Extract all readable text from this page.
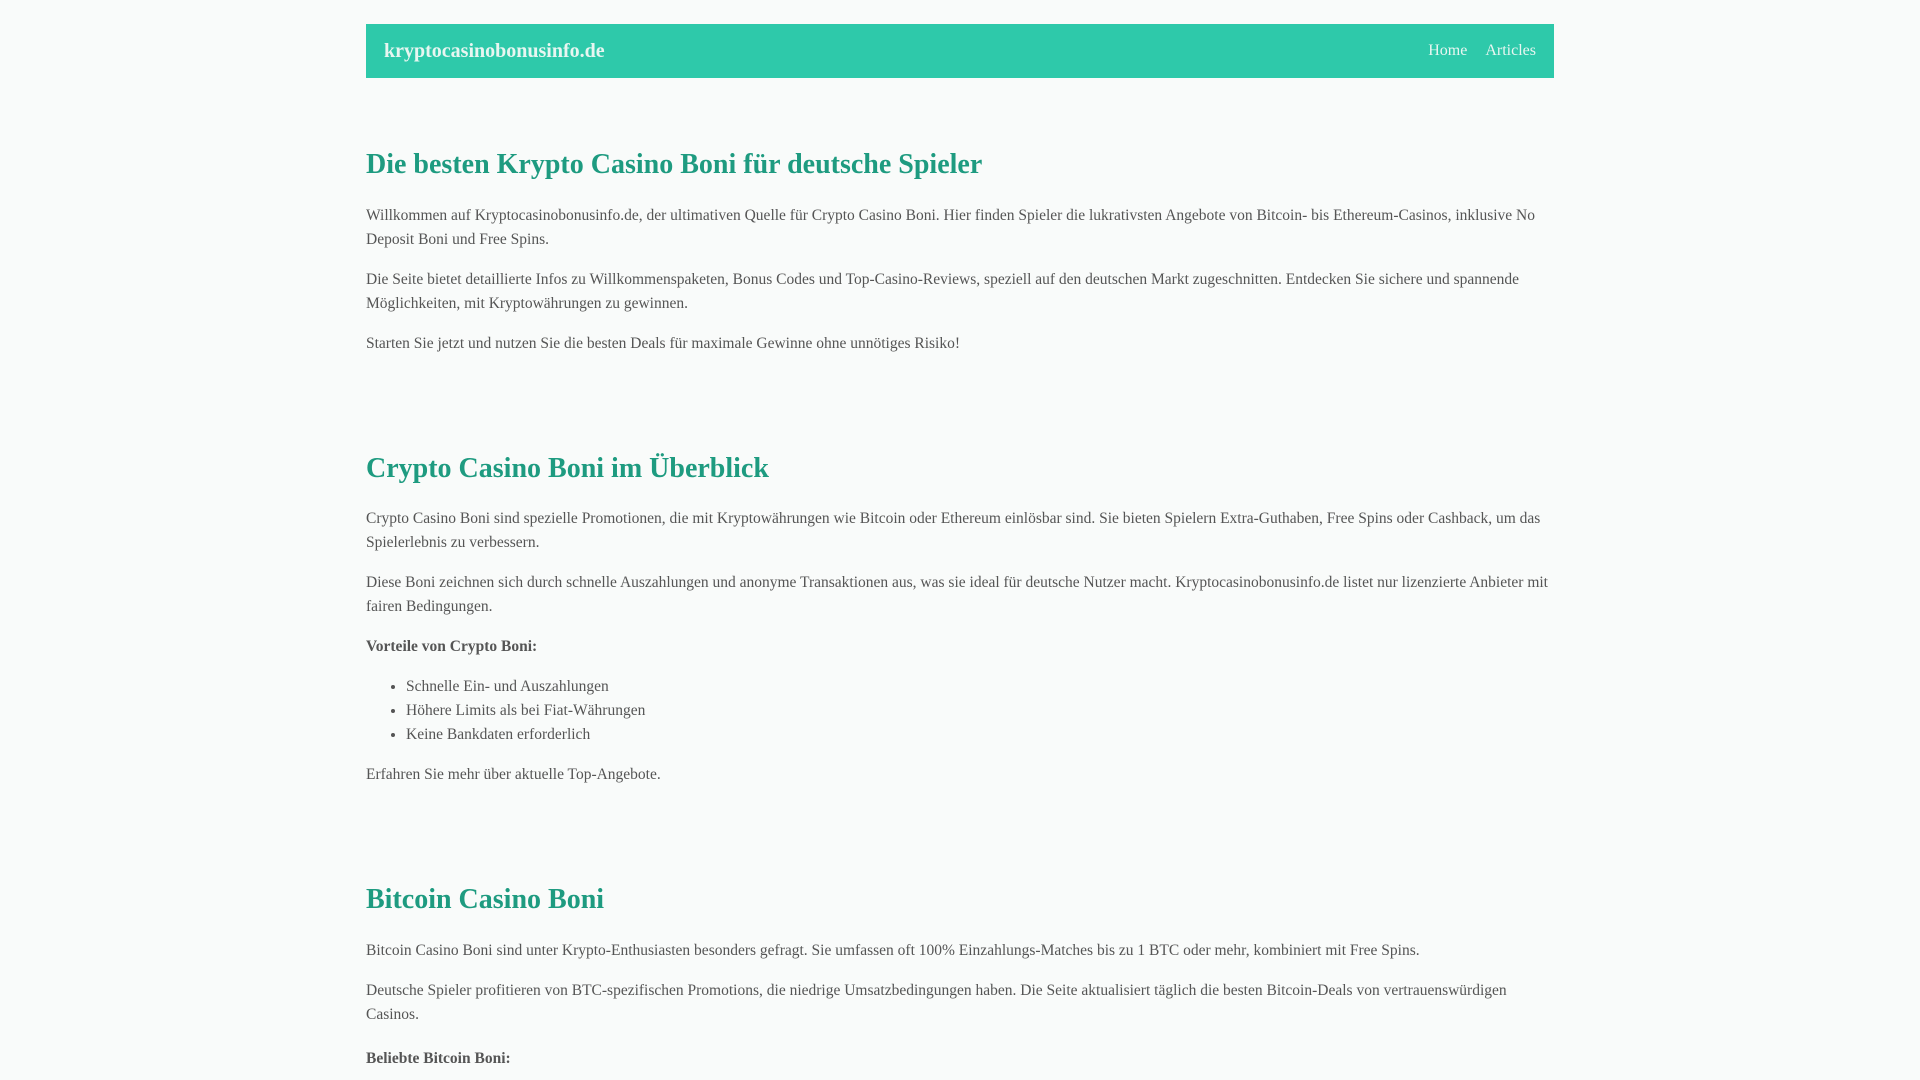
kryptocasinobonusinfo.de	Home Articles
Die besten Krypto Casino Boni für deutsche Spieler

Willkommen auf Kryptocasinobonusinfo.de, der ultimativen Quelle für Crypto Casino Boni. Hier finden Spieler die lukrativsten Angebote von Bitcoin- bis Ethereum-Casinos, inklusive No Deposit Boni und Free Spins.

Die Seite bietet detaillierte Infos zu Willkommenspaketen, Bonus Codes und Top-Casino-Reviews, speziell auf den deutschen Markt zugeschnitten. Entdecken Sie sichere und spannende Möglichkeiten, mit Kryptowährungen zu gewinnen.

Starten Sie jetzt und nutzen Sie die besten Deals für maximale Gewinne ohne unnötiges Risiko!

Crypto Casino Boni im Überblick

Crypto Casino Boni sind spezielle Promotionen, die mit Kryptowährungen wie Bitcoin oder Ethereum einlösbar sind. Sie bieten Spielern Extra-Guthaben, Free Spins oder Cashback, um das Spielerlebnis zu verbessern.

Diese Boni zeichnen sich durch schnelle Auszahlungen und anonyme Transaktionen aus, was sie ideal für deutsche Nutzer macht. Kryptocasinobonusinfo.de listet nur lizenzierte Anbieter mit fairen Bedingungen.

Vorteile von Crypto Boni:

• Schnelle Ein- und Auszahlungen
• Höhere Limits als bei Fiat-Währungen
• Keine Bankdaten erforderlich

Erfahren Sie mehr über aktuelle Top-Angebote.

Bitcoin Casino Boni

Bitcoin Casino Boni sind unter Krypto-Enthusiasten besonders gefragt. Sie umfassen oft 100% Einzahlungs-Matches bis zu 1 BTC oder mehr, kombiniert mit Free Spins.

Deutsche Spieler profitieren von BTC-spezifischen Promotions, die niedrige Umsatzbedingungen haben. Die Seite aktualisiert täglich die besten Bitcoin-Deals von vertrauenswürdigen Casinos.

Beliebte Bitcoin Boni:
